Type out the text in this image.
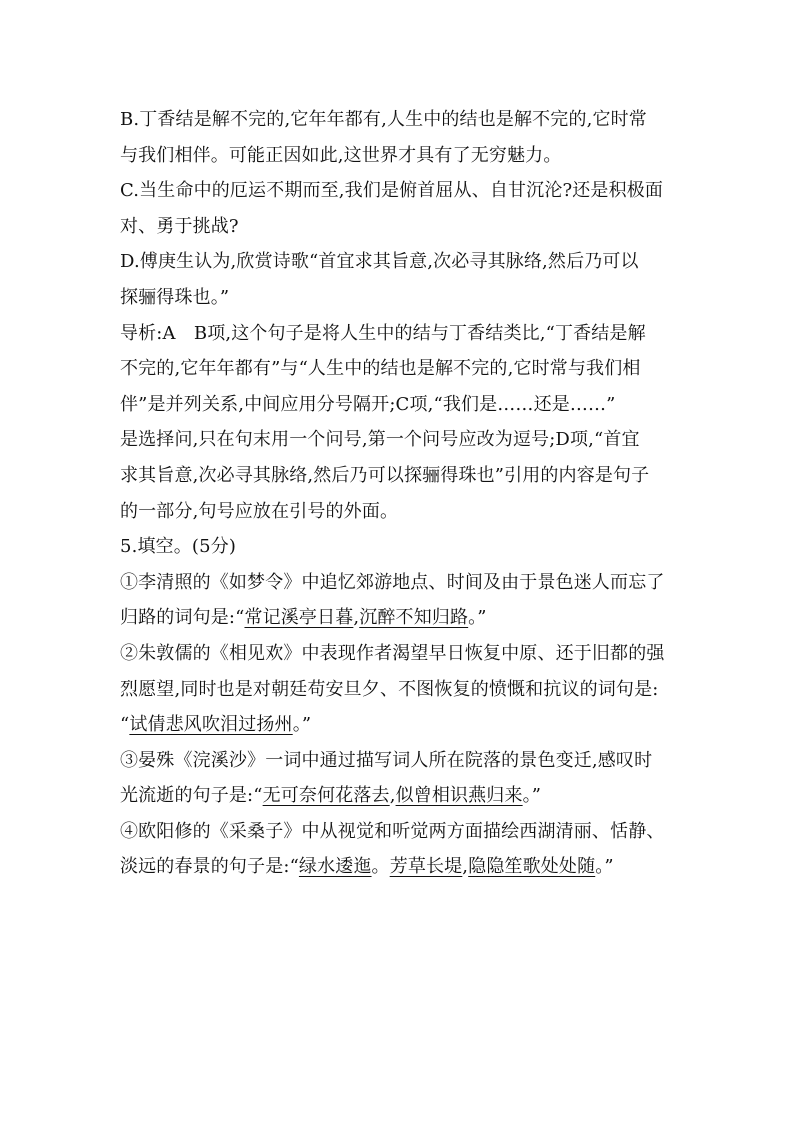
B.丁香结是解不完的,它年年都有,人生中的结也是解不完的,它时常
与我们相伴。可能正因如此,这世界才具有了无穷魅力。
C.当生命中的厄运不期而至,我们是俯首屈从、自甘沉沦?还是积极面
对、勇于挑战?
D.傅庚生认为,欣赏诗歌“首宜求其旨意,次必寻其脉络,然后乃可以
探骊得珠也。”
导析:A　B项,这个句子是将人生中的结与丁香结类比,“丁香结是解
不完的,它年年都有”与“人生中的结也是解不完的,它时常与我们相
伴”是并列关系,中间应用分号隔开;C项,“我们是……还是……”
是选择问,只在句末用一个问号,第一个问号应改为逗号;D项,“首宜
求其旨意,次必寻其脉络,然后乃可以探骊得珠也”引用的内容是句子
的一部分,句号应放在引号的外面。
5.填空。(5分)
①李清照的《如梦令》中追忆郊游地点、时间及由于景色迷人而忘了
归路的词句是:“常记溪亭日暮,沉醉不知归路。”
②朱敦儒的《相见欢》中表现作者渴望早日恢复中原、还于旧都的强
烈愿望,同时也是对朝廷苟安旦夕、不图恢复的愤慨和抗议的词句是:
“试倩悲风吹泪过扬州。”
③晏殊《浣溪沙》一词中通过描写词人所在院落的景色变迁,感叹时
光流逝的句子是:“无可奈何花落去,似曾相识燕归来。”
④欧阳修的《采桑子》中从视觉和听觉两方面描绘西湖清丽、恬静、
淡远的春景的句子是:“绿水逶迤。芳草长堤,隐隐笙歌处处随。”
